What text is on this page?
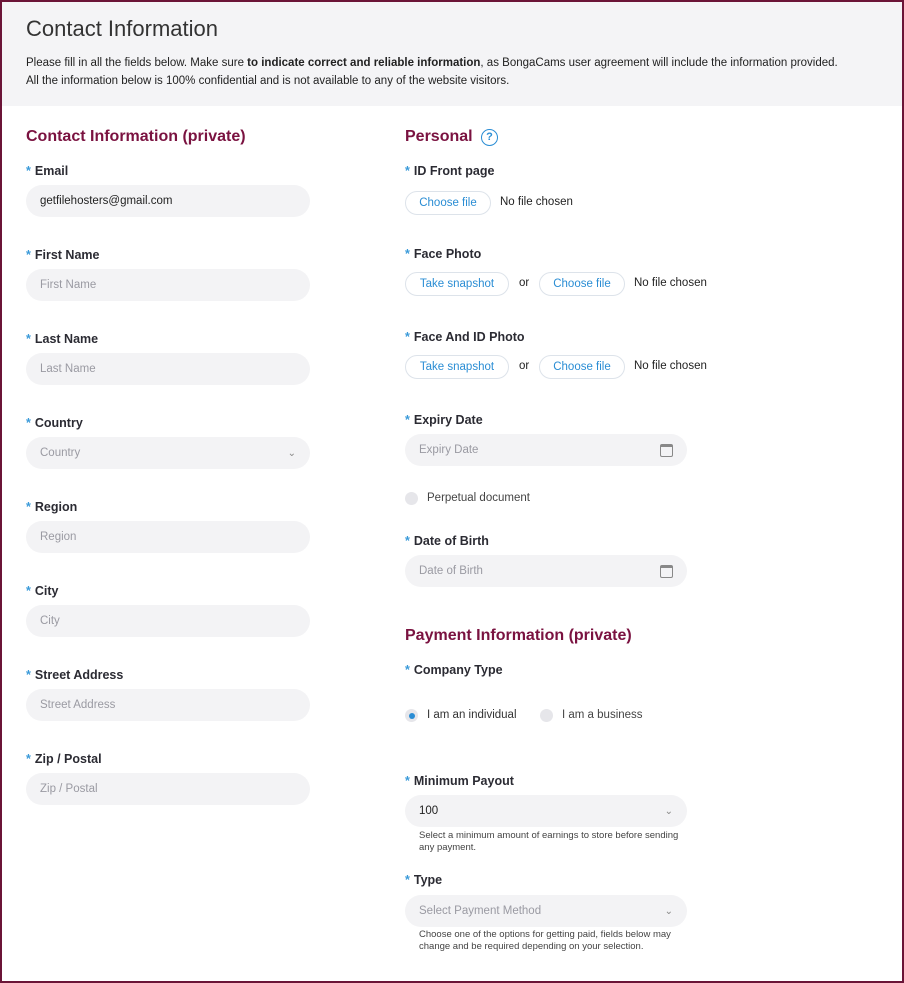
Contact Information
Please fill in all the fields below. Make sure to indicate correct and reliable information, as BongaCams user agreement will include the information provided.
All the information below is 100% confidential and is not available to any of the website visitors.
Contact Information (private)
* Email
getfilehosters@gmail.com
* First Name
First Name
* Last Name
Last Name
* Country
Country	⌄
* Region
Region
* City
City
* Street Address
Street Address
* Zip / Postal
Zip / Postal
Personal	?
* ID Front page
Choose file	No file chosen
* Face Photo
Take snapshot	or	Choose file	No file chosen
* Face And ID Photo
Take snapshot	or	Choose file	No file chosen
* Expiry Date
Expiry Date
Perpetual document
* Date of Birth
Date of Birth
Payment Information (private)
* Company Type
I am an individual	I am a business
* Minimum Payout
100	⌄
Select a minimum amount of earnings to store before sending any payment.
* Type
Select Payment Method	⌄
Choose one of the options for getting paid, fields below may change and be required depending on your selection.
